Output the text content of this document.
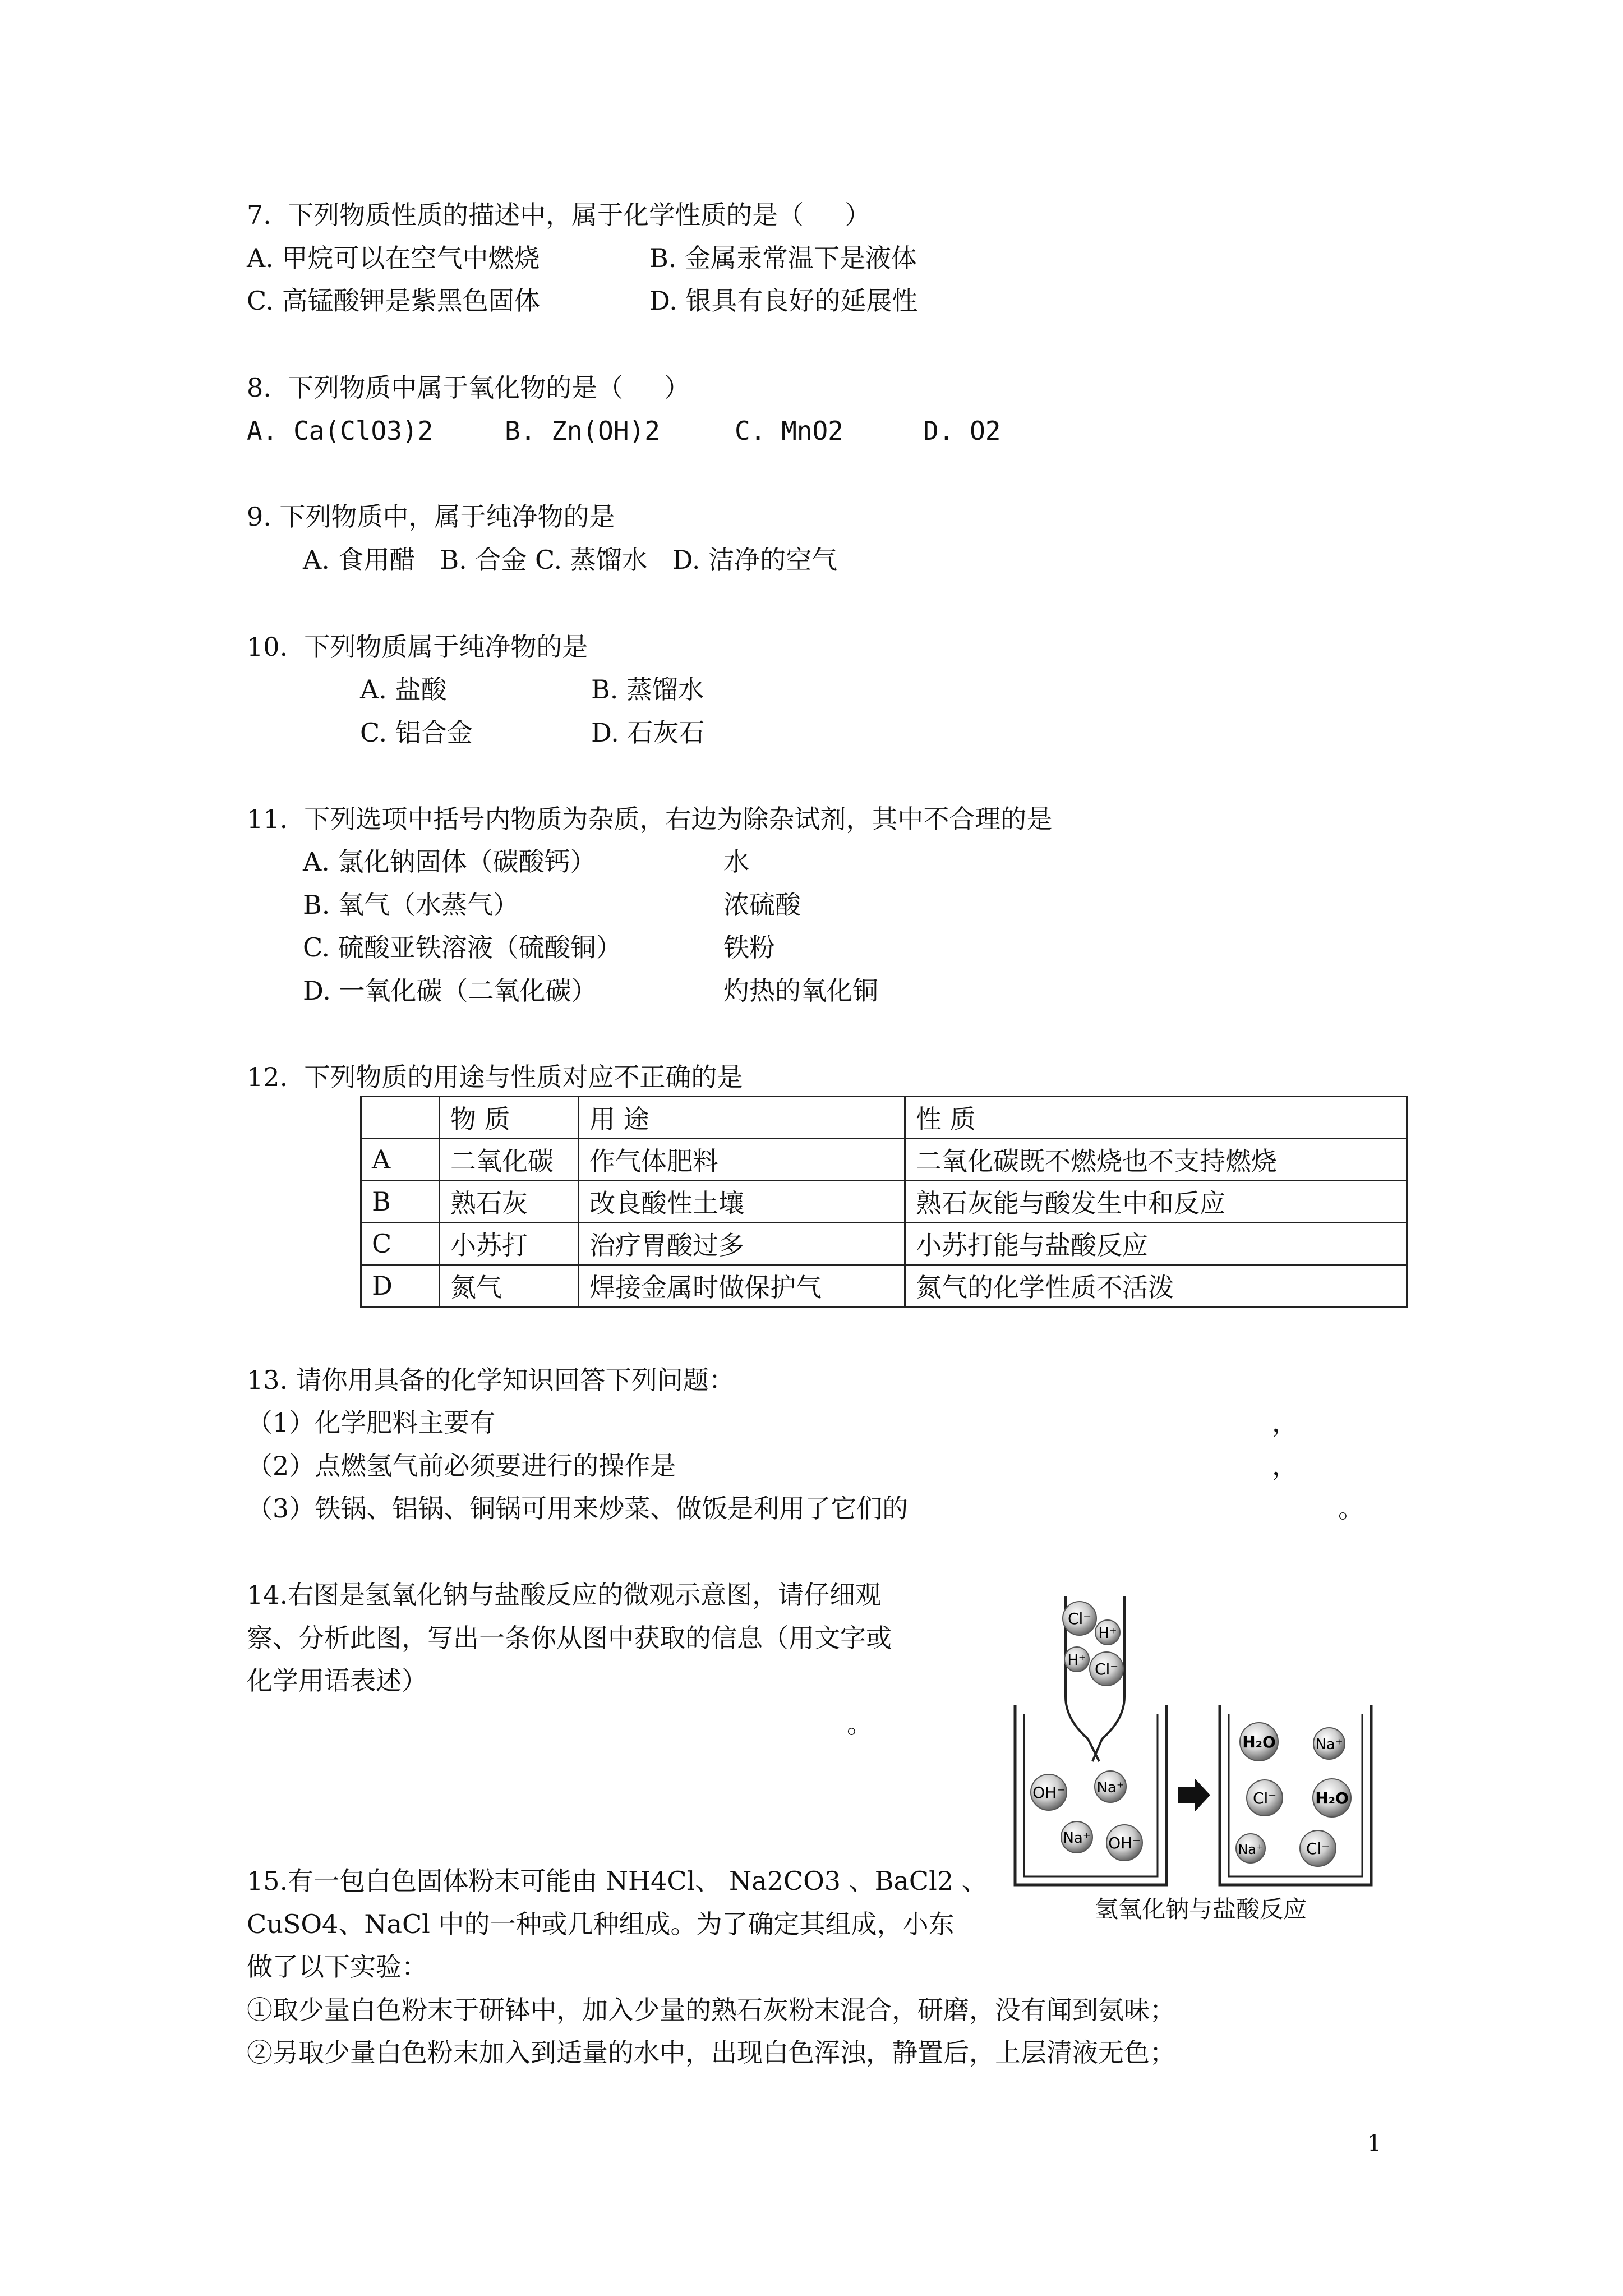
7.  下列物质性质的描述中，属于化学性质的是（     ）
A. 甲烷可以在空气中燃烧	B. 金属汞常温下是液体
C. 高锰酸钾是紫黑色固体	D. 银具有良好的延展性
8.  下列物质中属于氧化物的是（     ）
A. Ca(ClO3)2	B. Zn(OH)2	C. MnO2	D. O2
9. 下列物质中，属于纯净物的是
A. 食用醋   B. 合金 C. 蒸馏水   D. 洁净的空气
10.  下列物质属于纯净物的是
A. 盐酸	B. 蒸馏水
C. 铝合金	D. 石灰石
11.  下列选项中括号内物质为杂质，右边为除杂试剂，其中不合理的是
A. 氯化钠固体（碳酸钙）	水
B. 氧气（水蒸气）	浓硫酸
C. 硫酸亚铁溶液（硫酸铜）	铁粉
D. 一氧化碳（二氧化碳）	灼热的氧化铜
12.  下列物质的用途与性质对应不正确的是
	物 质	用 途	性 质
A	二氧化碳	作气体肥料	二氧化碳既不燃烧也不支持燃烧
B	熟石灰	改良酸性土壤	熟石灰能与酸发生中和反应
C	小苏打	治疗胃酸过多	小苏打能与盐酸反应
D	氮气	焊接金属时做保护气	氮气的化学性质不活泼
13. 请你用具备的化学知识回答下列问题：
（1）化学肥料主要有	，
（2）点燃氢气前必须要进行的操作是	，
（3）铁锅、铝锅、铜锅可用来炒菜、做饭是利用了它们的	。
14.右图是氢氧化钠与盐酸反应的微观示意图，请仔细观
察、分析此图，写出一条你从图中获取的信息（用文字或
化学用语表述）
。
Cl⁻
H⁺
H⁺ Cl⁻
OH⁻ Na⁺
Na⁺ OH⁻
H₂O	Na⁺
Cl⁻ H₂O
Na⁺	Cl⁻
氢氧化钠与盐酸反应
15.有一包白色固体粉末可能由 NH4Cl、 Na2CO3 、BaCl2 、
CuSO4、NaCl 中的一种或几种组成。为了确定其组成，小东
做了以下实验：
①取少量白色粉末于研钵中，加入少量的熟石灰粉末混合，研磨，没有闻到氨味；
②另取少量白色粉末加入到适量的水中，出现白色浑浊，静置后，上层清液无色；
1
